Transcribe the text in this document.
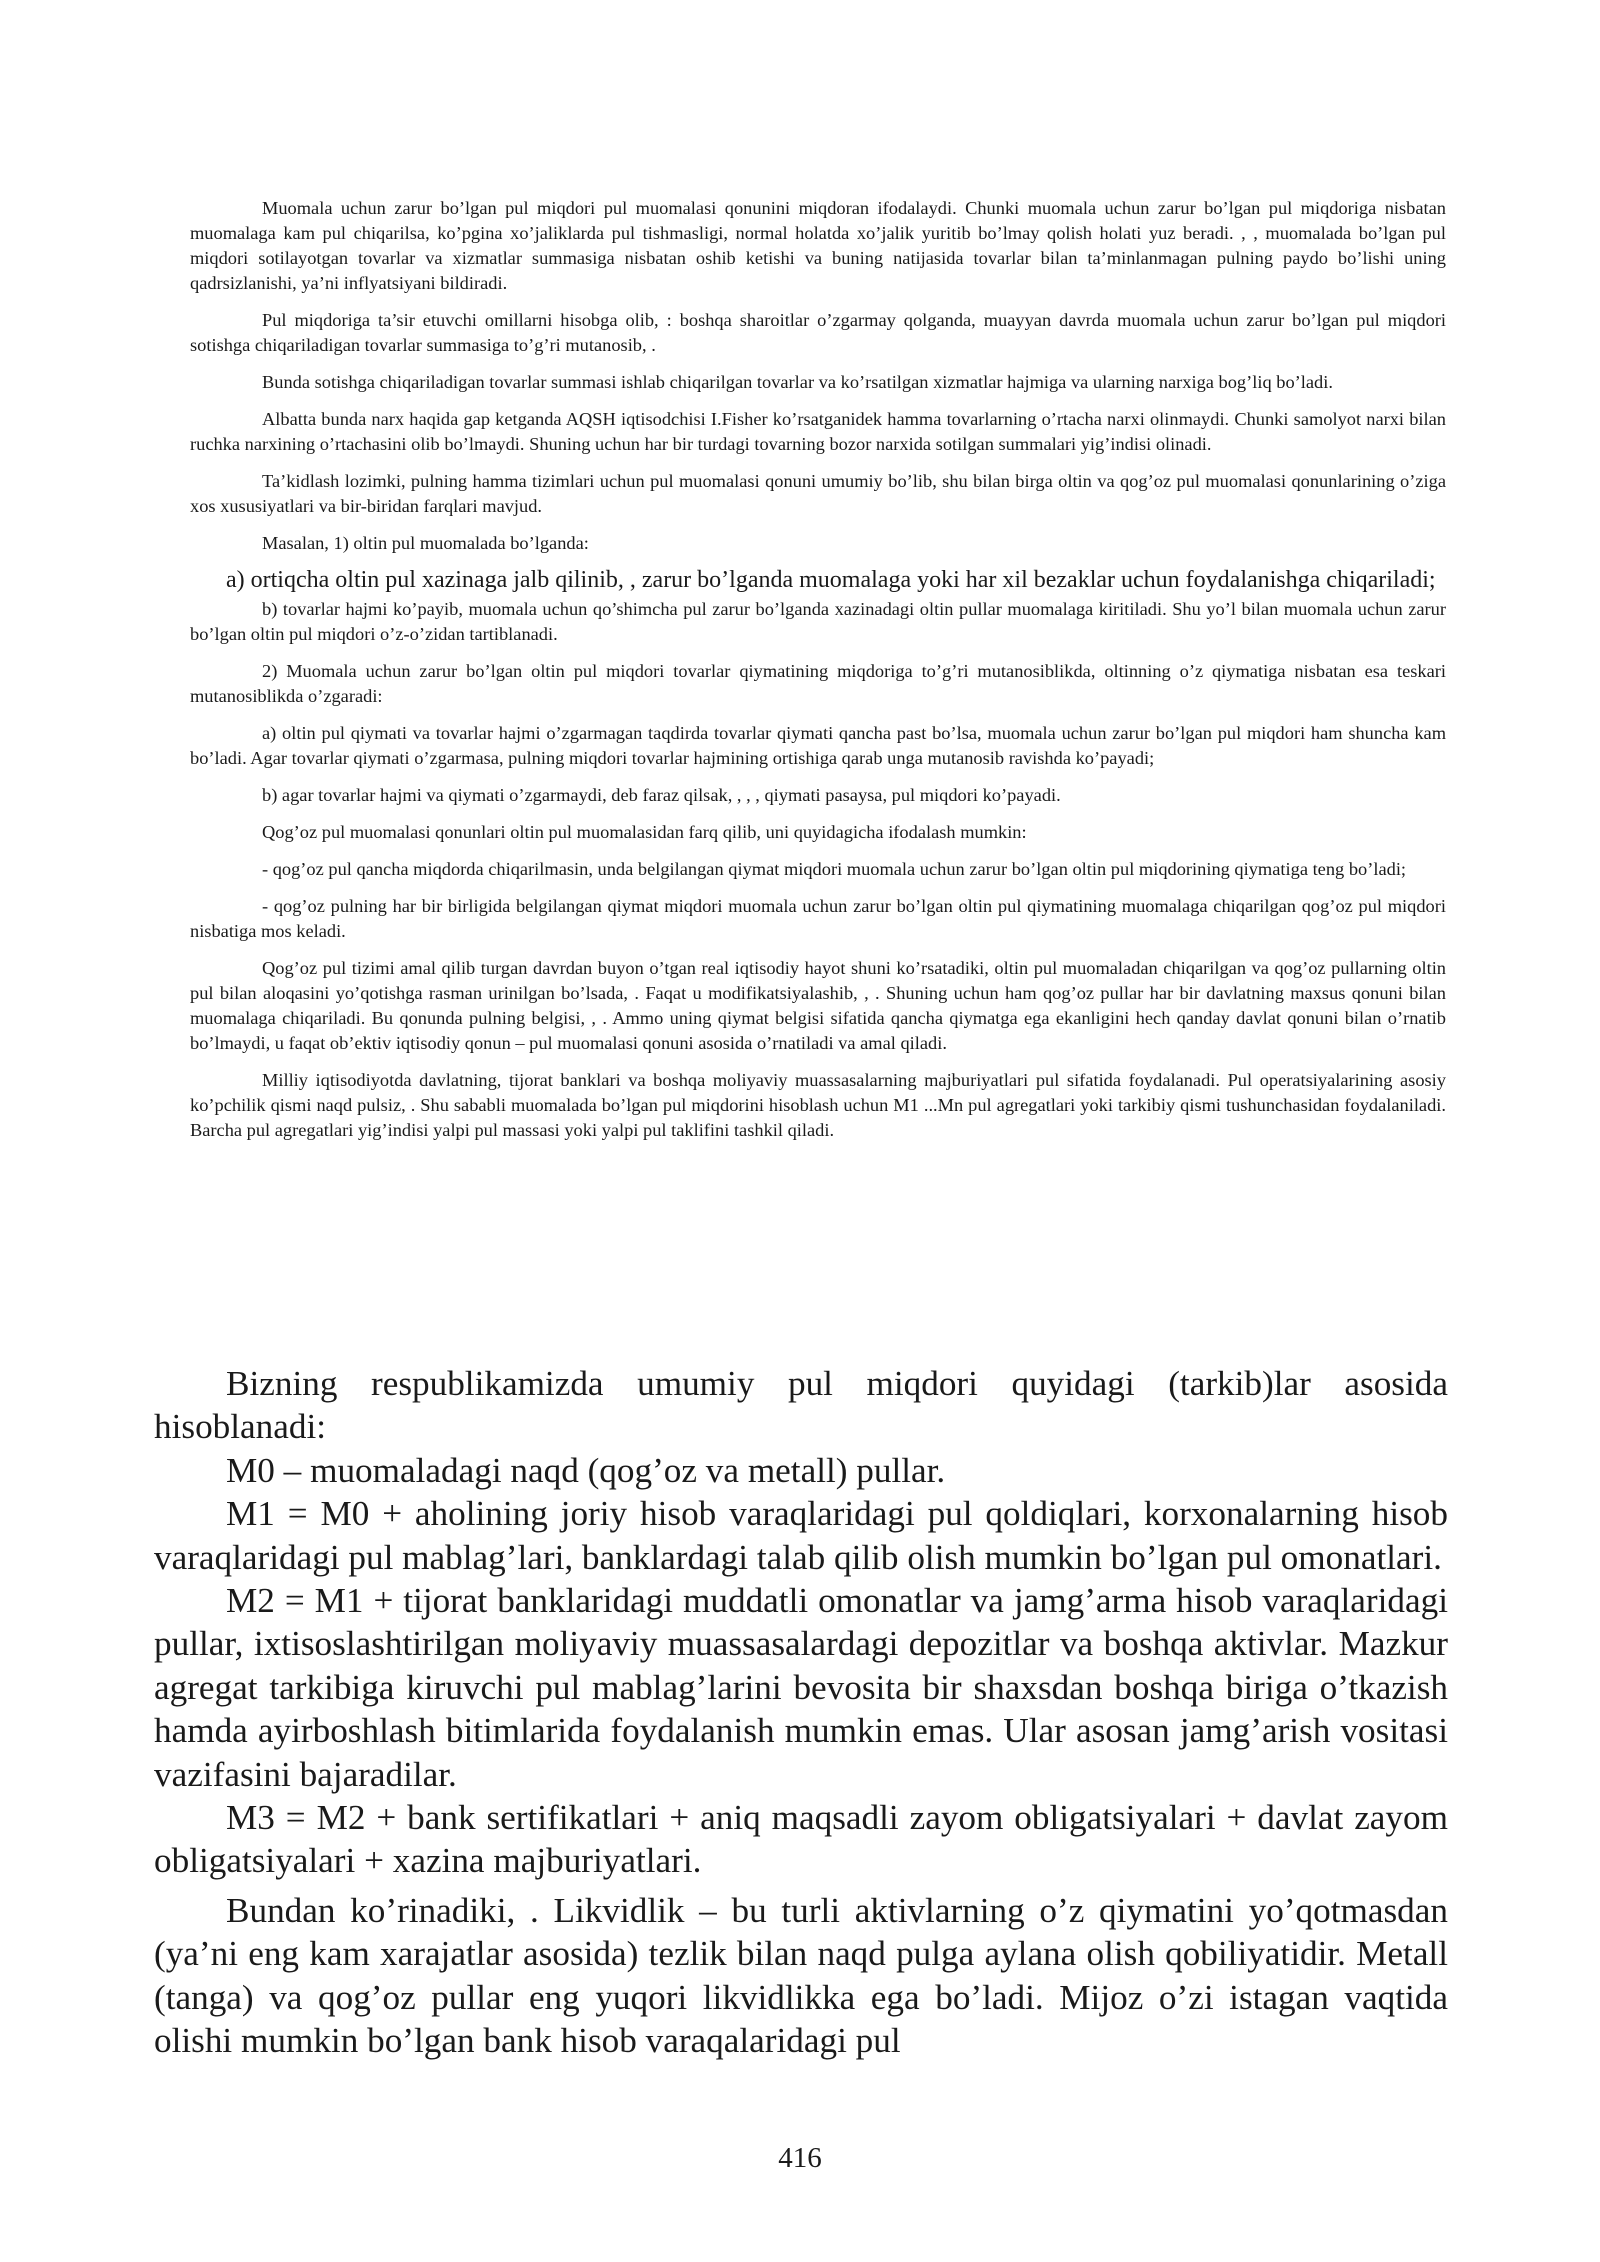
Muomala uchun zarur bo’lgan pul miqdori pul muomalasi qonunini miqdoran ifodalaydi. Chunki muomala uchun zarur bo’lgan pul miqdoriga nisbatan muomalaga kam pul chiqarilsa, ko’pgina xo’jaliklarda pul tishmasligi, normal holatda xo’jalik yuritib bo’lmay qolish holati yuz beradi. , , muomalada bo’lgan pul miqdori sotilayotgan tovarlar va xizmatlar summasiga nisbatan oshib ketishi va buning natijasida tovarlar bilan ta’minlanmagan pulning paydo bo’lishi uning qadrsizlanishi, ya’ni inflyatsiyani bildiradi.

Pul miqdoriga ta’sir etuvchi omillarni hisobga olib, : boshqa sharoitlar o’zgarmay qolganda, muayyan davrda muomala uchun zarur bo’lgan pul miqdori sotishga chiqariladigan tovarlar summasiga to’g’ri mutanosib, .

Bunda sotishga chiqariladigan tovarlar summasi ishlab chiqarilgan tovarlar va ko’rsatilgan xizmatlar hajmiga va ularning narxiga bog’liq bo’ladi.

Albatta bunda narx haqida gap ketganda AQSH iqtisodchisi I.Fisher ko’rsatganidek hamma tovarlarning o’rtacha narxi olinmaydi. Chunki samolyot narxi bilan ruchka narxining o’rtachasini olib bo’lmaydi. Shuning uchun har bir turdagi tovarning bozor narxida sotilgan summalari yig’indisi olinadi.

Ta’kidlash lozimki, pulning hamma tizimlari uchun pul muomalasi qonuni umumiy bo’lib, shu bilan birga oltin va qog’oz pul muomalasi qonunlarining o’ziga xos xususiyatlari va bir-biridan farqlari mavjud.

Masalan, 1) oltin pul muomalada bo’lganda:

a) ortiqcha oltin pul xazinaga jalb qilinib, , zarur bo’lganda muomalaga yoki har xil bezaklar uchun foydalanishga chiqariladi;

b) tovarlar hajmi ko’payib, muomala uchun qo’shimcha pul zarur bo’lganda xazinadagi oltin pullar muomalaga kiritiladi. Shu yo’l bilan muomala uchun zarur bo’lgan oltin pul miqdori o’z-o’zidan tartiblanadi.

2) Muomala uchun zarur bo’lgan oltin pul miqdori tovarlar qiymatining miqdoriga to’g’ri mutanosiblikda, oltinning o’z qiymatiga nisbatan esa teskari mutanosiblikda o’zgaradi:

a) oltin pul qiymati va tovarlar hajmi o’zgarmagan taqdirda tovarlar qiymati qancha past bo’lsa, muomala uchun zarur bo’lgan pul miqdori ham shuncha kam bo’ladi. Agar tovarlar qiymati o’zgarmasa, pulning miqdori tovarlar hajmining ortishiga qarab unga mutanosib ravishda ko’payadi;

b) agar tovarlar hajmi va qiymati o’zgarmaydi, deb faraz qilsak, , , , qiymati pasaysa, pul miqdori ko’payadi.

Qog’oz pul muomalasi qonunlari oltin pul muomalasidan farq qilib, uni quyidagicha ifodalash mumkin:

- qog’oz pul qancha miqdorda chiqarilmasin, unda belgilangan qiymat miqdori muomala uchun zarur bo’lgan oltin pul miqdorining qiymatiga teng bo’ladi;

- qog’oz pulning har bir birligida belgilangan qiymat miqdori muomala uchun zarur bo’lgan oltin pul qiymatining muomalaga chiqarilgan qog’oz pul miqdori nisbatiga mos keladi.

Qog’oz pul tizimi amal qilib turgan davrdan buyon o’tgan real iqtisodiy hayot shuni ko’rsatadiki, oltin pul muomaladan chiqarilgan va qog’oz pullarning oltin pul bilan aloqasini yo’qotishga rasman urinilgan bo’lsada, . Faqat u modifikatsiyalashib, , . Shuning uchun ham qog’oz pullar har bir davlatning maxsus qonuni bilan muomalaga chiqariladi. Bu qonunda pulning belgisi, , . Ammo uning qiymat belgisi sifatida qancha qiymatga ega ekanligini hech qanday davlat qonuni bilan o’rnatib bo’lmaydi, u faqat ob’ektiv iqtisodiy qonun – pul muomalasi qonuni asosida o’rnatiladi va amal qiladi.

Milliy iqtisodiyotda davlatning, tijorat banklari va boshqa moliyaviy muassasalarning majburiyatlari pul sifatida foydalanadi. Pul operatsiyalarining asosiy ko’pchilik qismi naqd pulsiz, . Shu sababli muomalada bo’lgan pul miqdorini hisoblash uchun M1 ...Mn pul agregatlari yoki tarkibiy qismi tushunchasidan foydalaniladi. Barcha pul agregatlari yig’indisi yalpi pul massasi yoki yalpi pul taklifini tashkil qiladi.

Bizning respublikamizda umumiy pul miqdori quyidagi (tarkib)lar asosida hisoblanadi:

M0 – muomaladagi naqd (qog’oz va metall) pullar.

M1 = M0 + aholining joriy hisob varaqlaridagi pul qoldiqlari, korxonalarning hisob varaqlaridagi pul mablag’lari, banklardagi talab qilib olish mumkin bo’lgan pul omonatlari.

M2 = M1 + tijorat banklaridagi muddatli omonatlar va jamg’arma hisob varaqlaridagi pullar, ixtisoslashtirilgan moliyaviy muassasalardagi depozitlar va boshqa aktivlar. Mazkur agregat tarkibiga kiruvchi pul mablag’larini bevosita bir shaxsdan boshqa biriga o’tkazish hamda ayirboshlash bitimlarida foydalanish mumkin emas. Ular asosan jamg’arish vositasi vazifasini bajaradilar.

M3 = M2 + bank sertifikatlari + aniq maqsadli zayom obligatsiyalari + davlat zayom obligatsiyalari + xazina majburiyatlari.

Bundan ko’rinadiki, . Likvidlik – bu turli aktivlarning o’z qiymatini yo’qotmasdan (ya’ni eng kam xarajatlar asosida) tezlik bilan naqd pulga aylana olish qobiliyatidir. Metall (tanga) va qog’oz pullar eng yuqori likvidlikka ega bo’ladi. Mijoz o’zi istagan vaqtida olishi mumkin bo’lgan bank hisob varaqalaridagi pul

416
